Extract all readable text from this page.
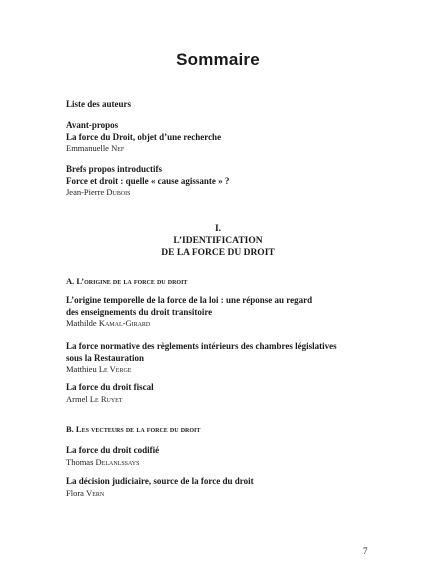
Sommaire
Liste des auteurs
Avant-propos
La force du Droit, objet d’une recherche
Emmanuelle Nef
Brefs propos introductifs
Force et droit : quelle « cause agissante » ?
Jean-Pierre Dubois
I.
L’IDENTIFICATION
DE LA FORCE DU DROIT
A. L’origine de la force du droit
L’origine temporelle de la force de la loi : une réponse au regard
des enseignements du droit transitoire
Mathilde Kamal-Girard
La force normative des règlements intérieurs des chambres législatives
sous la Restauration
Matthieu Le Verge
La force du droit fiscal
Armel Le Ruyet
B. Les vecteurs de la force du droit
La force du droit codifié
Thomas Delanlssays
La décision judiciaire, source de la force du droit
Flora Vern
7
